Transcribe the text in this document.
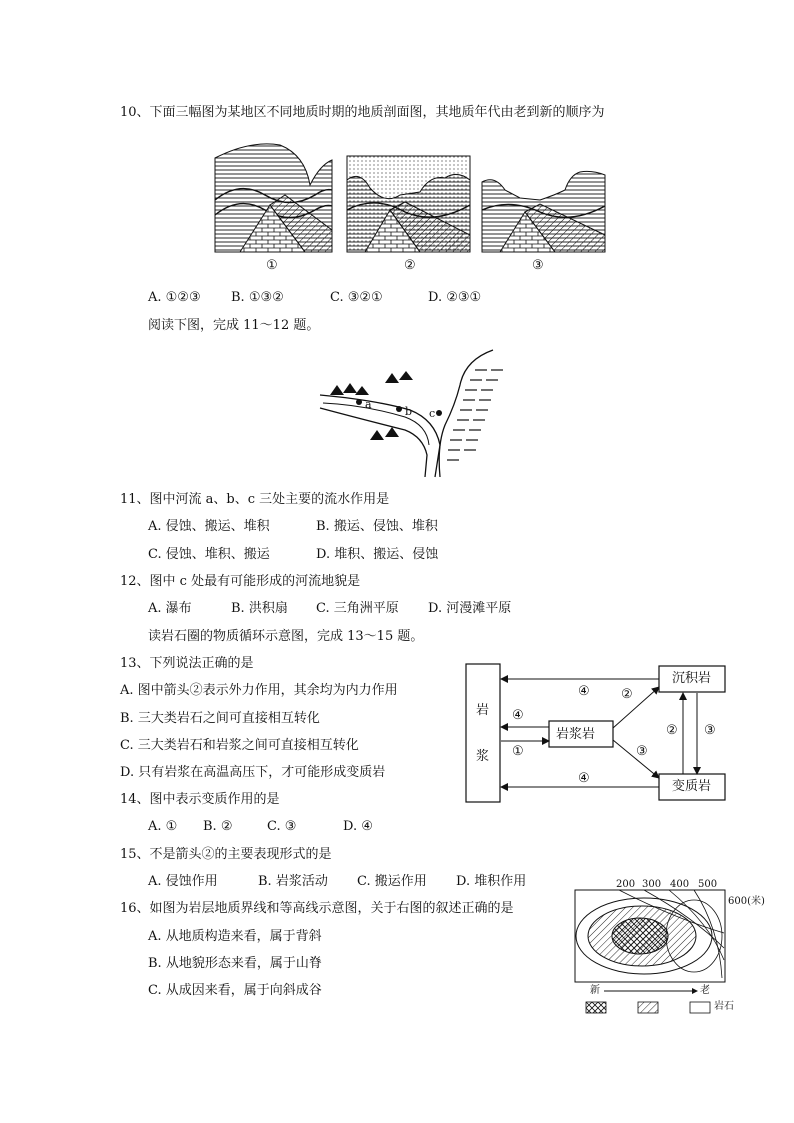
10、下面三幅图为某地区不同地质时期的地质剖面图，其地质年代由老到新的顺序为
①	②	③
A. ①②③ B. ①③②	C. ③②①	D. ②③①
阅读下图，完成 11～12 题。
a
b c
11、图中河流 a、b、c 三处主要的流水作用是
A. 侵蚀、搬运、堆积	B. 搬运、侵蚀、堆积
C. 侵蚀、堆积、搬运	D. 堆积、搬运、侵蚀
12、图中 c 处最有可能形成的河流地貌是
A. 瀑布	B. 洪积扇 C. 三角洲平原 D. 河漫滩平原
读岩石圈的物质循环示意图，完成 13～15 题。
13、下列说法正确的是
A. 图中箭头②表示外力作用，其余均为内力作用
B. 三大类岩石之间可直接相互转化
C. 三大类岩石和岩浆之间可直接相互转化
D. 只有岩浆在高温高压下，才可能形成变质岩
岩
浆
岩浆岩
沉积岩
变质岩
④ ②
④
①	③
② ③
④
14、图中表示变质作用的是
A. ① B. ②	C. ③	D. ④
15、不是箭头②的主要表现形式的是
A. 侵蚀作用	B. 岩浆活动 C. 搬运作用 D. 堆积作用
16、如图为岩层地质界线和等高线示意图，关于右图的叙述正确的是
A. 从地质构造来看，属于背斜
B. 从地貌形态来看，属于山脊
C. 从成因来看，属于向斜成谷
200 300 400 500
600(米)
新	老
岩石
